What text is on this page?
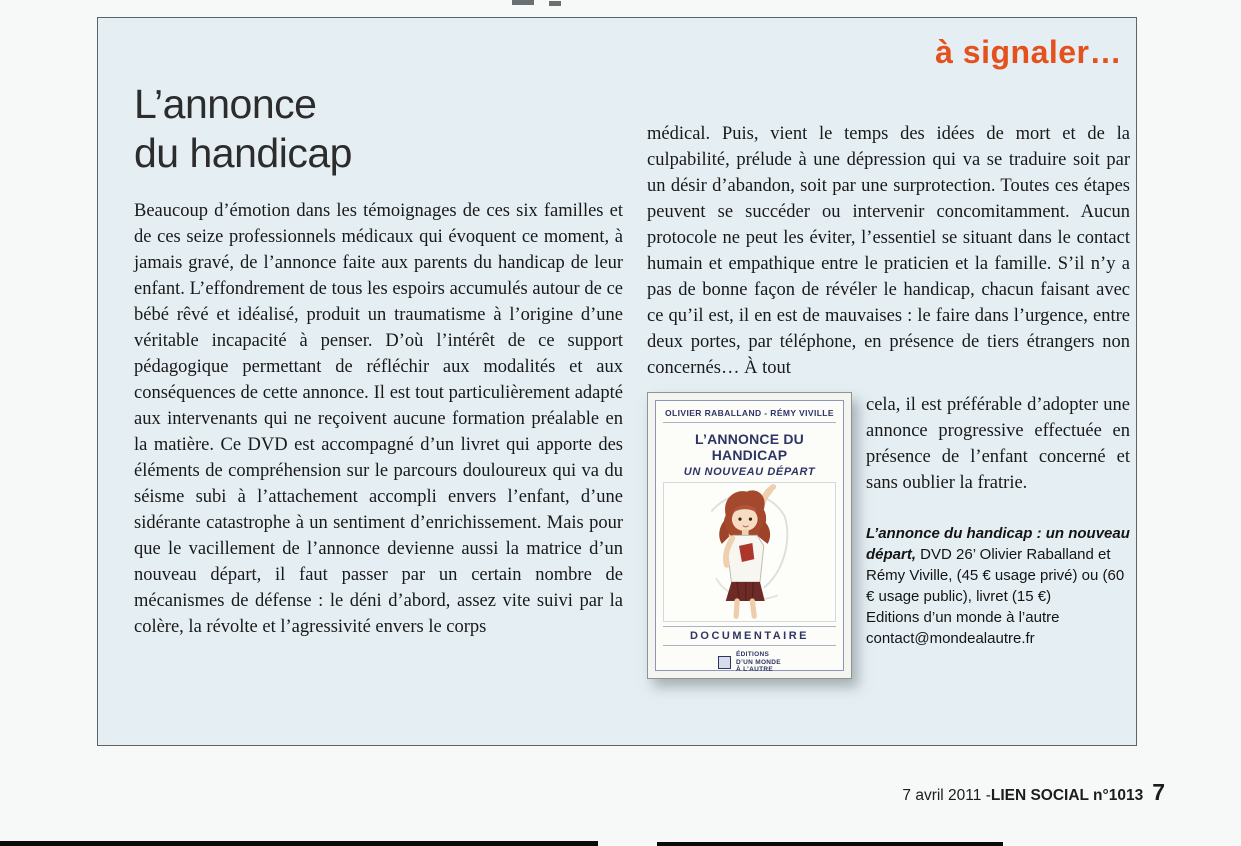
à signaler…
L’annonce
du handicap

Beaucoup d’émotion dans les témoignages de ces six familles et de ces seize professionnels médicaux qui évoquent ce moment, à jamais gravé, de l’annonce faite aux parents du handicap de leur enfant. L’effondrement de tous les espoirs accumulés autour de ce bébé rêvé et idéalisé, produit un traumatisme à l’origine d’une véritable incapacité à penser. D’où l’intérêt de ce support pédagogique permettant de réfléchir aux modalités et aux conséquences de cette annonce. Il est tout particulièrement adapté aux intervenants qui ne reçoivent aucune formation préalable en la matière. Ce DVD est accompagné d’un livret qui apporte des éléments de compréhension sur le parcours douloureux qui va du séisme subi à l’attachement accompli envers l’enfant, d’une sidérante catastrophe à un sentiment d’enrichissement. Mais pour que le vacillement de l’annonce devienne aussi la matrice d’un nouveau départ, il faut passer par un certain nombre de mécanismes de défense : le déni d’abord, assez vite suivi par la colère, la révolte et l’agressivité envers le corps

médical. Puis, vient le temps des idées de mort et de la culpabilité, prélude à une dépression qui va se traduire soit par un désir d’abandon, soit par une surprotection. Toutes ces étapes peuvent se succéder ou intervenir concomitamment. Aucun protocole ne peut les éviter, l’essentiel se situant dans le contact humain et empathique entre le praticien et la famille. S’il n’y a pas de bonne façon de révéler le handicap, chacun faisant avec ce qu’il est, il en est de mauvaises : le faire dans l’urgence, entre deux portes, par téléphone, en présence de tiers étrangers non concernés… À tout

OLIVIER RABALLAND - RÉMY VIVILLE
L’ANNONCE DU HANDICAP
UN NOUVEAU DÉPART
DOCUMENTAIRE
ÉDITIONS
D’UN MONDE
À L’AUTRE

cela, il est préférable d’adopter une annonce progressive effectuée en présence de l’enfant concerné et sans oublier la fratrie.

L’annonce du handicap : un nouveau départ, DVD 26’ Olivier Raballand et Rémy Viville, (45 € usage privé) ou (60 € usage public), livret (15 €)

Editions d’un monde à l’autre
contact@mondealautre.fr
7 avril 2011 - LIEN SOCIAL n°1013 7
